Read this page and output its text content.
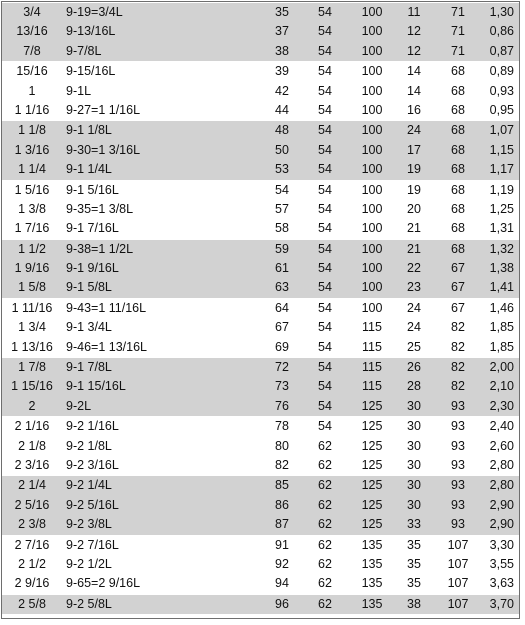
3/4	9-19=3/4L	35	54	100	11	71	1,30
13/16	9-13/16L	37	54	100	12	71	0,86
7/8	9-7/8L	38	54	100	12	71	0,87
15/16	9-15/16L	39	54	100	14	68	0,89
1	9-1L	42	54	100	14	68	0,93
1 1/16	9-27=1 1/16L	44	54	100	16	68	0,95
1 1/8	9-1 1/8L	48	54	100	24	68	1,07
1 3/16	9-30=1 3/16L	50	54	100	17	68	1,15
1 1/4	9-1 1/4L	53	54	100	19	68	1,17
1 5/16	9-1 5/16L	54	54	100	19	68	1,19
1 3/8	9-35=1 3/8L	57	54	100	20	68	1,25
1 7/16	9-1 7/16L	58	54	100	21	68	1,31
1 1/2	9-38=1 1/2L	59	54	100	21	68	1,32
1 9/16	9-1 9/16L	61	54	100	22	67	1,38
1 5/8	9-1 5/8L	63	54	100	23	67	1,41
1 11/16	9-43=1 11/16L	64	54	100	24	67	1,46
1 3/4	9-1 3/4L	67	54	115	24	82	1,85
1 13/16	9-46=1 13/16L	69	54	115	25	82	1,85
1 7/8	9-1 7/8L	72	54	115	26	82	2,00
1 15/16	9-1 15/16L	73	54	115	28	82	2,10
2	9-2L	76	54	125	30	93	2,30
2 1/16	9-2 1/16L	78	54	125	30	93	2,40
2 1/8	9-2 1/8L	80	62	125	30	93	2,60
2 3/16	9-2 3/16L	82	62	125	30	93	2,80
2 1/4	9-2 1/4L	85	62	125	30	93	2,80
2 5/16	9-2 5/16L	86	62	125	30	93	2,90
2 3/8	9-2 3/8L	87	62	125	33	93	2,90
2 7/16	9-2 7/16L	91	62	135	35	107	3,30
2 1/2	9-2 1/2L	92	62	135	35	107	3,55
2 9/16	9-65=2 9/16L	94	62	135	35	107	3,63
2 5/8	9-2 5/8L	96	62	135	38	107	3,70
